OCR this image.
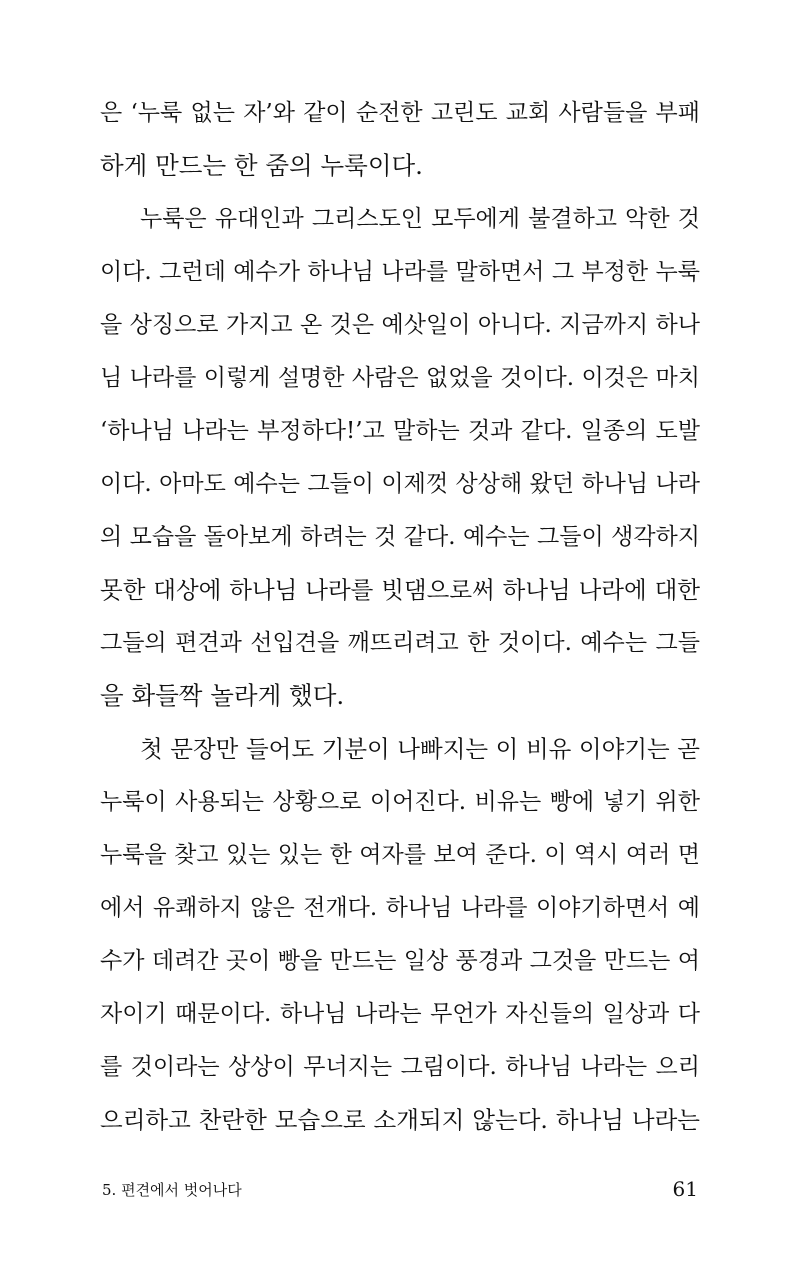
은 ‘누룩 없는 자’와 같이 순전한 고린도 교회 사람들을 부패
하게 만드는 한 줌의 누룩이다.
누룩은 유대인과 그리스도인 모두에게 불결하고 악한 것
이다. 그런데 예수가 하나님 나라를 말하면서 그 부정한 누룩
을 상징으로 가지고 온 것은 예삿일이 아니다. 지금까지 하나
님 나라를 이렇게 설명한 사람은 없었을 것이다. 이것은 마치
‘하나님 나라는 부정하다!’고 말하는 것과 같다. 일종의 도발
이다. 아마도 예수는 그들이 이제껏 상상해 왔던 하나님 나라
의 모습을 돌아보게 하려는 것 같다. 예수는 그들이 생각하지
못한 대상에 하나님 나라를 빗댐으로써 하나님 나라에 대한
그들의 편견과 선입견을 깨뜨리려고 한 것이다. 예수는 그들
을 화들짝 놀라게 했다.
첫 문장만 들어도 기분이 나빠지는 이 비유 이야기는 곧
누룩이 사용되는 상황으로 이어진다. 비유는 빵에 넣기 위한
누룩을 찾고 있는 있는 한 여자를 보여 준다. 이 역시 여러 면
에서 유쾌하지 않은 전개다. 하나님 나라를 이야기하면서 예
수가 데려간 곳이 빵을 만드는 일상 풍경과 그것을 만드는 여
자이기 때문이다. 하나님 나라는 무언가 자신들의 일상과 다
를 것이라는 상상이 무너지는 그림이다. 하나님 나라는 으리
으리하고 찬란한 모습으로 소개되지 않는다. 하나님 나라는
5. 편견에서 벗어나다	61
